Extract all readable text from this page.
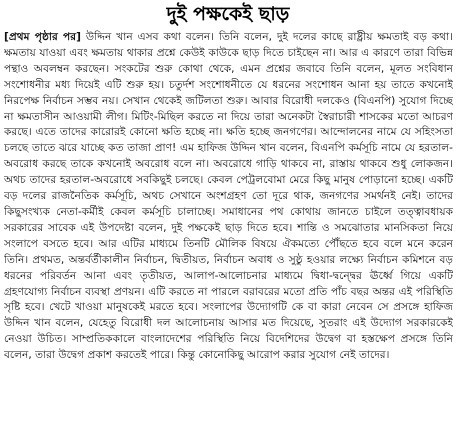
দুই পক্ষকেই ছাড়
[প্রথম পৃষ্ঠার পর] উদ্দিন খান এসব কথা বলেন। তিনি বলেন, দুই দলের কাছে রাষ্ট্রীয় ক্ষমতাই বড় কথা। ক্ষমতায় যাওয়া এবং ক্ষমতায় থাকার প্রশ্নে কেউই কাউকে ছাড় দিতে চাইছেন না। আর এ কারণে তারা বিভিন্ন পন্থাও অবলম্বন করছেন। সংকটের শুরু কোথা থেকে, এমন প্রশ্নের জবাবে তিনি বলেন, মূলত সংবিধান সংশোধনীর মধ্য দিয়েই এটি শুরু হয়। চতুর্দশ সংশোধনীতে যে ধরনের সংশোধন আনা হয় তাতে কখনোই নিরপেক্ষ নির্বাচন সম্ভব নয়। সেখান থেকেই জটিলতা শুরু। আবার বিরোধী দলকেও (বিএনপি) সুযোগ দিচ্ছে না ক্ষমতাসীন আওয়ামী লীগ। মিটিং-মিছিল করতে না দিয়ে তারা অনেকটা স্বৈরাচারী শাসকের মতো আচরণ করছে। এতে তাদের কারোরই কোনো ক্ষতি হচ্ছে না। ক্ষতি হচ্ছে জনগণের। আন্দোলনের নামে যে সহিংসতা চলছে তাতে ঝরে যাচ্ছে কত তাজা প্রাণ! এম হাফিজ উদ্দিন খান বলেন, বিএনপি কর্মসূচি নামে যে হরতাল-অবরোধ করছে তাকে কখনোই অবরোধ বলে না। অবরোধে গাড়ি থাকবে না, রাস্তায় থাকবে শুধু লোকজন। অথচ তাদের হরতাল-অবরোধে সবকিছুই চলছে। কেবল পেট্রলবোমা মেরে কিছু মানুষ পোড়ানো হচ্ছে। একটি বড় দলের রাজনৈতিক কর্মসূচি, অথচ সেখানে অংশগ্রহণ তো দূরে থাক, জনগণের সমর্থনই নেই। তাদের কিছুসংখ্যক নেতা-কর্মীই কেবল কর্মসূচি চালাচ্ছে। সমাধানের পথ কোথায় জানতে চাইলে তত্ত্বাবধায়ক সরকারের সাবেক এই উপদেষ্টা বলেন, দুই পক্ষকেই ছাড় দিতে হবে। শান্তি ও সমঝোতার মানসিকতা নিয়ে সংলাপে বসতে হবে। আর এটির মাধ্যমে তিনটি মৌলিক বিষয়ে ঐকমত্যে পৌঁছতে হবে বলে মনে করেন তিনি। প্রথমত, অন্তর্বর্তীকালীন নির্বাচন, দ্বিতীয়ত, নির্বাচন অবাধ ও সুষ্ঠু হওয়ার লক্ষ্যে নির্বাচন কমিশনে বড় ধরনের পরিবর্তন আনা এবং তৃতীয়ত, আলাপ-আলোচনার মাধ্যমে দ্বিধা-দ্বন্দ্বের ঊর্ধ্বে গিয়ে একটি গ্রহণযোগ্য নির্বাচন ব্যবস্থা প্রণয়ন। এটি করতে না পারলে বরাবরের মতো প্রতি পাঁচ বছর অন্তর এই পরিস্থিতি সৃষ্টি হবে। খেটে খাওয়া মানুষকেই মরতে হবে। সংলাপের উদ্যোগটি কে বা কারা নেবেন সে প্রসঙ্গে হাফিজ উদ্দিন খান বলেন, যেহেতু বিরোধী দল আলোচনায় আসার মত দিয়েছে, সুতরাং এই উদ্যোগ সরকারকেই নেওয়া উচিত। সাম্প্রতিককালে বাংলাদেশের পরিস্থিতি নিয়ে বিদেশিদের উদ্বেগ বা হস্তক্ষেপ প্রসঙ্গে তিনি বলেন, তারা উদ্বেগ প্রকাশ করতেই পারে। কিন্তু কোনোকিছু আরোপ করার সুযোগ নেই তাদের।
